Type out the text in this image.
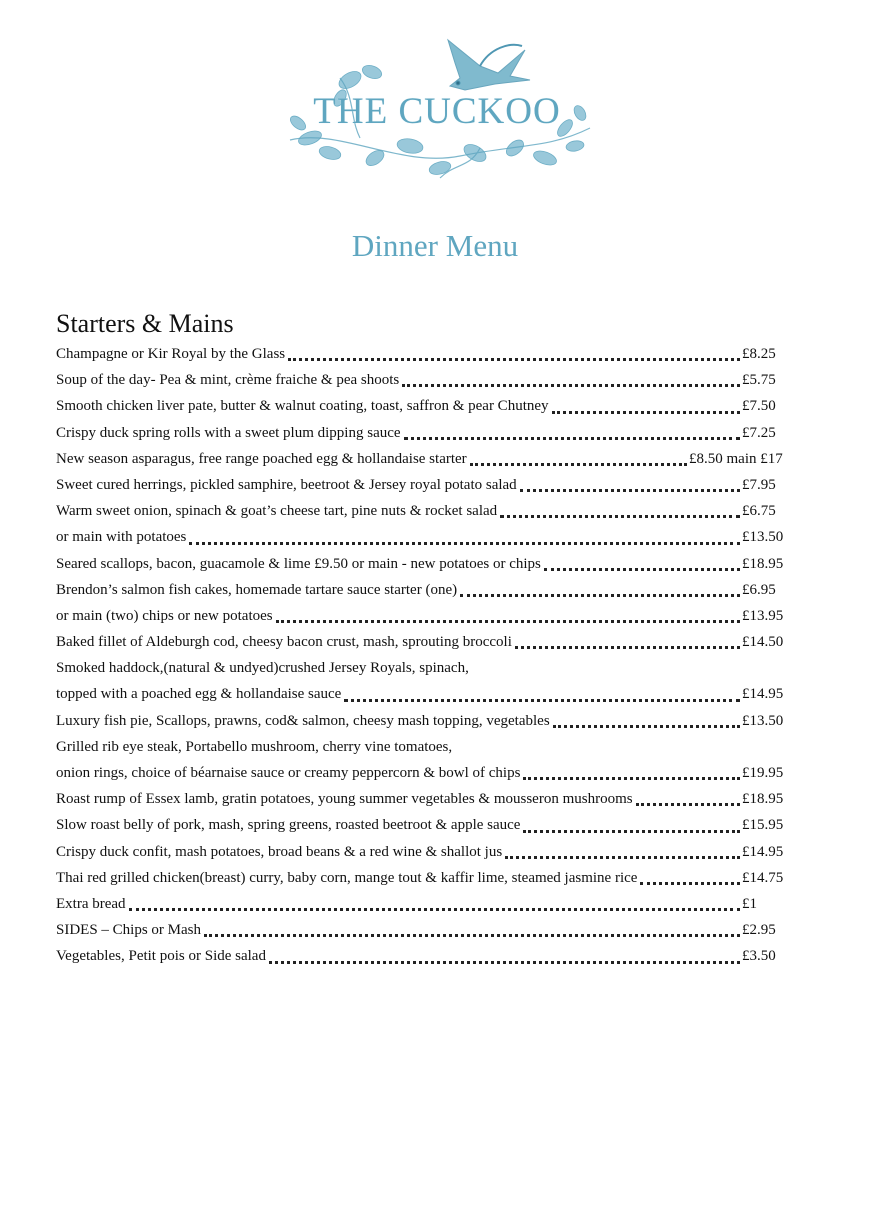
THE CUCKOO
Dinner Menu
Starters & Mains
Champagne or Kir Royal by the Glass	£8.25
Soup of the day- Pea & mint, crème fraiche & pea shoots	£5.75
Smooth chicken liver pate, butter & walnut coating, toast, saffron & pear Chutney	£7.50
Crispy duck spring rolls with a sweet plum dipping sauce	£7.25
New season asparagus, free range poached egg & hollandaise starter	£8.50 main £17
Sweet cured herrings, pickled samphire, beetroot & Jersey royal potato salad	£7.95
Warm sweet onion, spinach & goat’s cheese tart, pine nuts & rocket salad	£6.75
or main with potatoes	£13.50
Seared scallops, bacon, guacamole & lime £9.50 or main - new potatoes or chips	£18.95
Brendon’s salmon fish cakes, homemade tartare sauce starter (one)	£6.95
or main (two) chips or new potatoes	£13.95
Baked fillet of Aldeburgh cod, cheesy bacon crust, mash, sprouting broccoli	£14.50
Smoked haddock,(natural & undyed)crushed Jersey Royals, spinach,
topped with a poached egg & hollandaise sauce	£14.95
Luxury fish pie, Scallops, prawns, cod& salmon, cheesy mash topping, vegetables	£13.50
Grilled rib eye steak, Portabello mushroom, cherry vine tomatoes,
onion rings, choice of béarnaise sauce or creamy peppercorn & bowl of chips	£19.95
Roast rump of Essex lamb, gratin potatoes, young summer vegetables & mousseron mushrooms	£18.95
Slow roast belly of pork, mash, spring greens, roasted beetroot & apple sauce	£15.95
Crispy duck confit, mash potatoes, broad beans & a red wine & shallot jus	£14.95
Thai red grilled chicken(breast) curry, baby corn, mange tout & kaffir lime, steamed jasmine rice	£14.75
Extra bread	£1
SIDES – Chips or Mash	£2.95
Vegetables, Petit pois or Side salad	£3.50
